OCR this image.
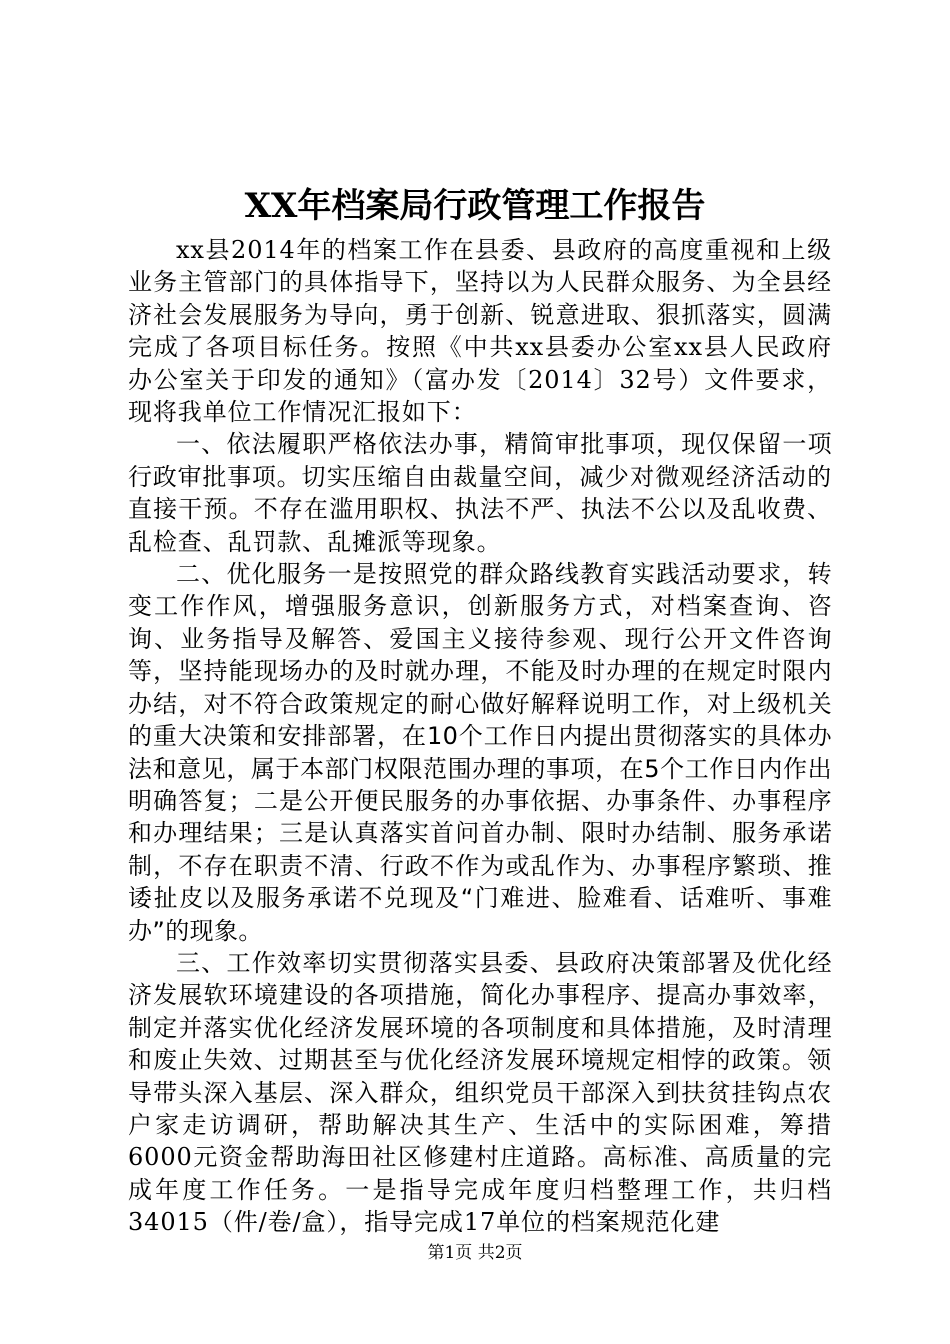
XX年档案局行政管理工作报告

xx县2014年的档案工作在县委、县政府的高度重视和上级业务主管部门的具体指导下，坚持以为人民群众服务、为全县经济社会发展服务为导向，勇于创新、锐意进取、狠抓落实，圆满完成了各项目标任务。按照《中共xx县委办公室xx县人民政府办公室关于印发的通知》（富办发〔2014〕32号）文件要求，现将我单位工作情况汇报如下：

一、依法履职严格依法办事，精简审批事项，现仅保留一项行政审批事项。切实压缩自由裁量空间，减少对微观经济活动的直接干预。不存在滥用职权、执法不严、执法不公以及乱收费、乱检查、乱罚款、乱摊派等现象。

二、优化服务一是按照党的群众路线教育实践活动要求，转变工作作风，增强服务意识，创新服务方式，对档案查询、咨询、业务指导及解答、爱国主义接待参观、现行公开文件咨询等，坚持能现场办的及时就办理，不能及时办理的在规定时限内办结，对不符合政策规定的耐心做好解释说明工作，对上级机关的重大决策和安排部署，在10个工作日内提出贯彻落实的具体办法和意见，属于本部门权限范围办理的事项，在5个工作日内作出明确答复；二是公开便民服务的办事依据、办事条件、办事程序和办理结果；三是认真落实首问首办制、限时办结制、服务承诺制，不存在职责不清、行政不作为或乱作为、办事程序繁琐、推诿扯皮以及服务承诺不兑现及“门难进、脸难看、话难听、事难办”的现象。

三、工作效率切实贯彻落实县委、县政府决策部署及优化经济发展软环境建设的各项措施，简化办事程序、提高办事效率，制定并落实优化经济发展环境的各项制度和具体措施，及时清理和废止失效、过期甚至与优化经济发展环境规定相悖的政策。领导带头深入基层、深入群众，组织党员干部深入到扶贫挂钩点农户家走访调研，帮助解决其生产、生活中的实际困难，筹措6000元资金帮助海田社区修建村庄道路。高标准、高质量的完成年度工作任务。一是指导完成年度归档整理工作，共归档34015（件/卷/盒），指导完成17单位的档案规范化建

第1页 共2页
